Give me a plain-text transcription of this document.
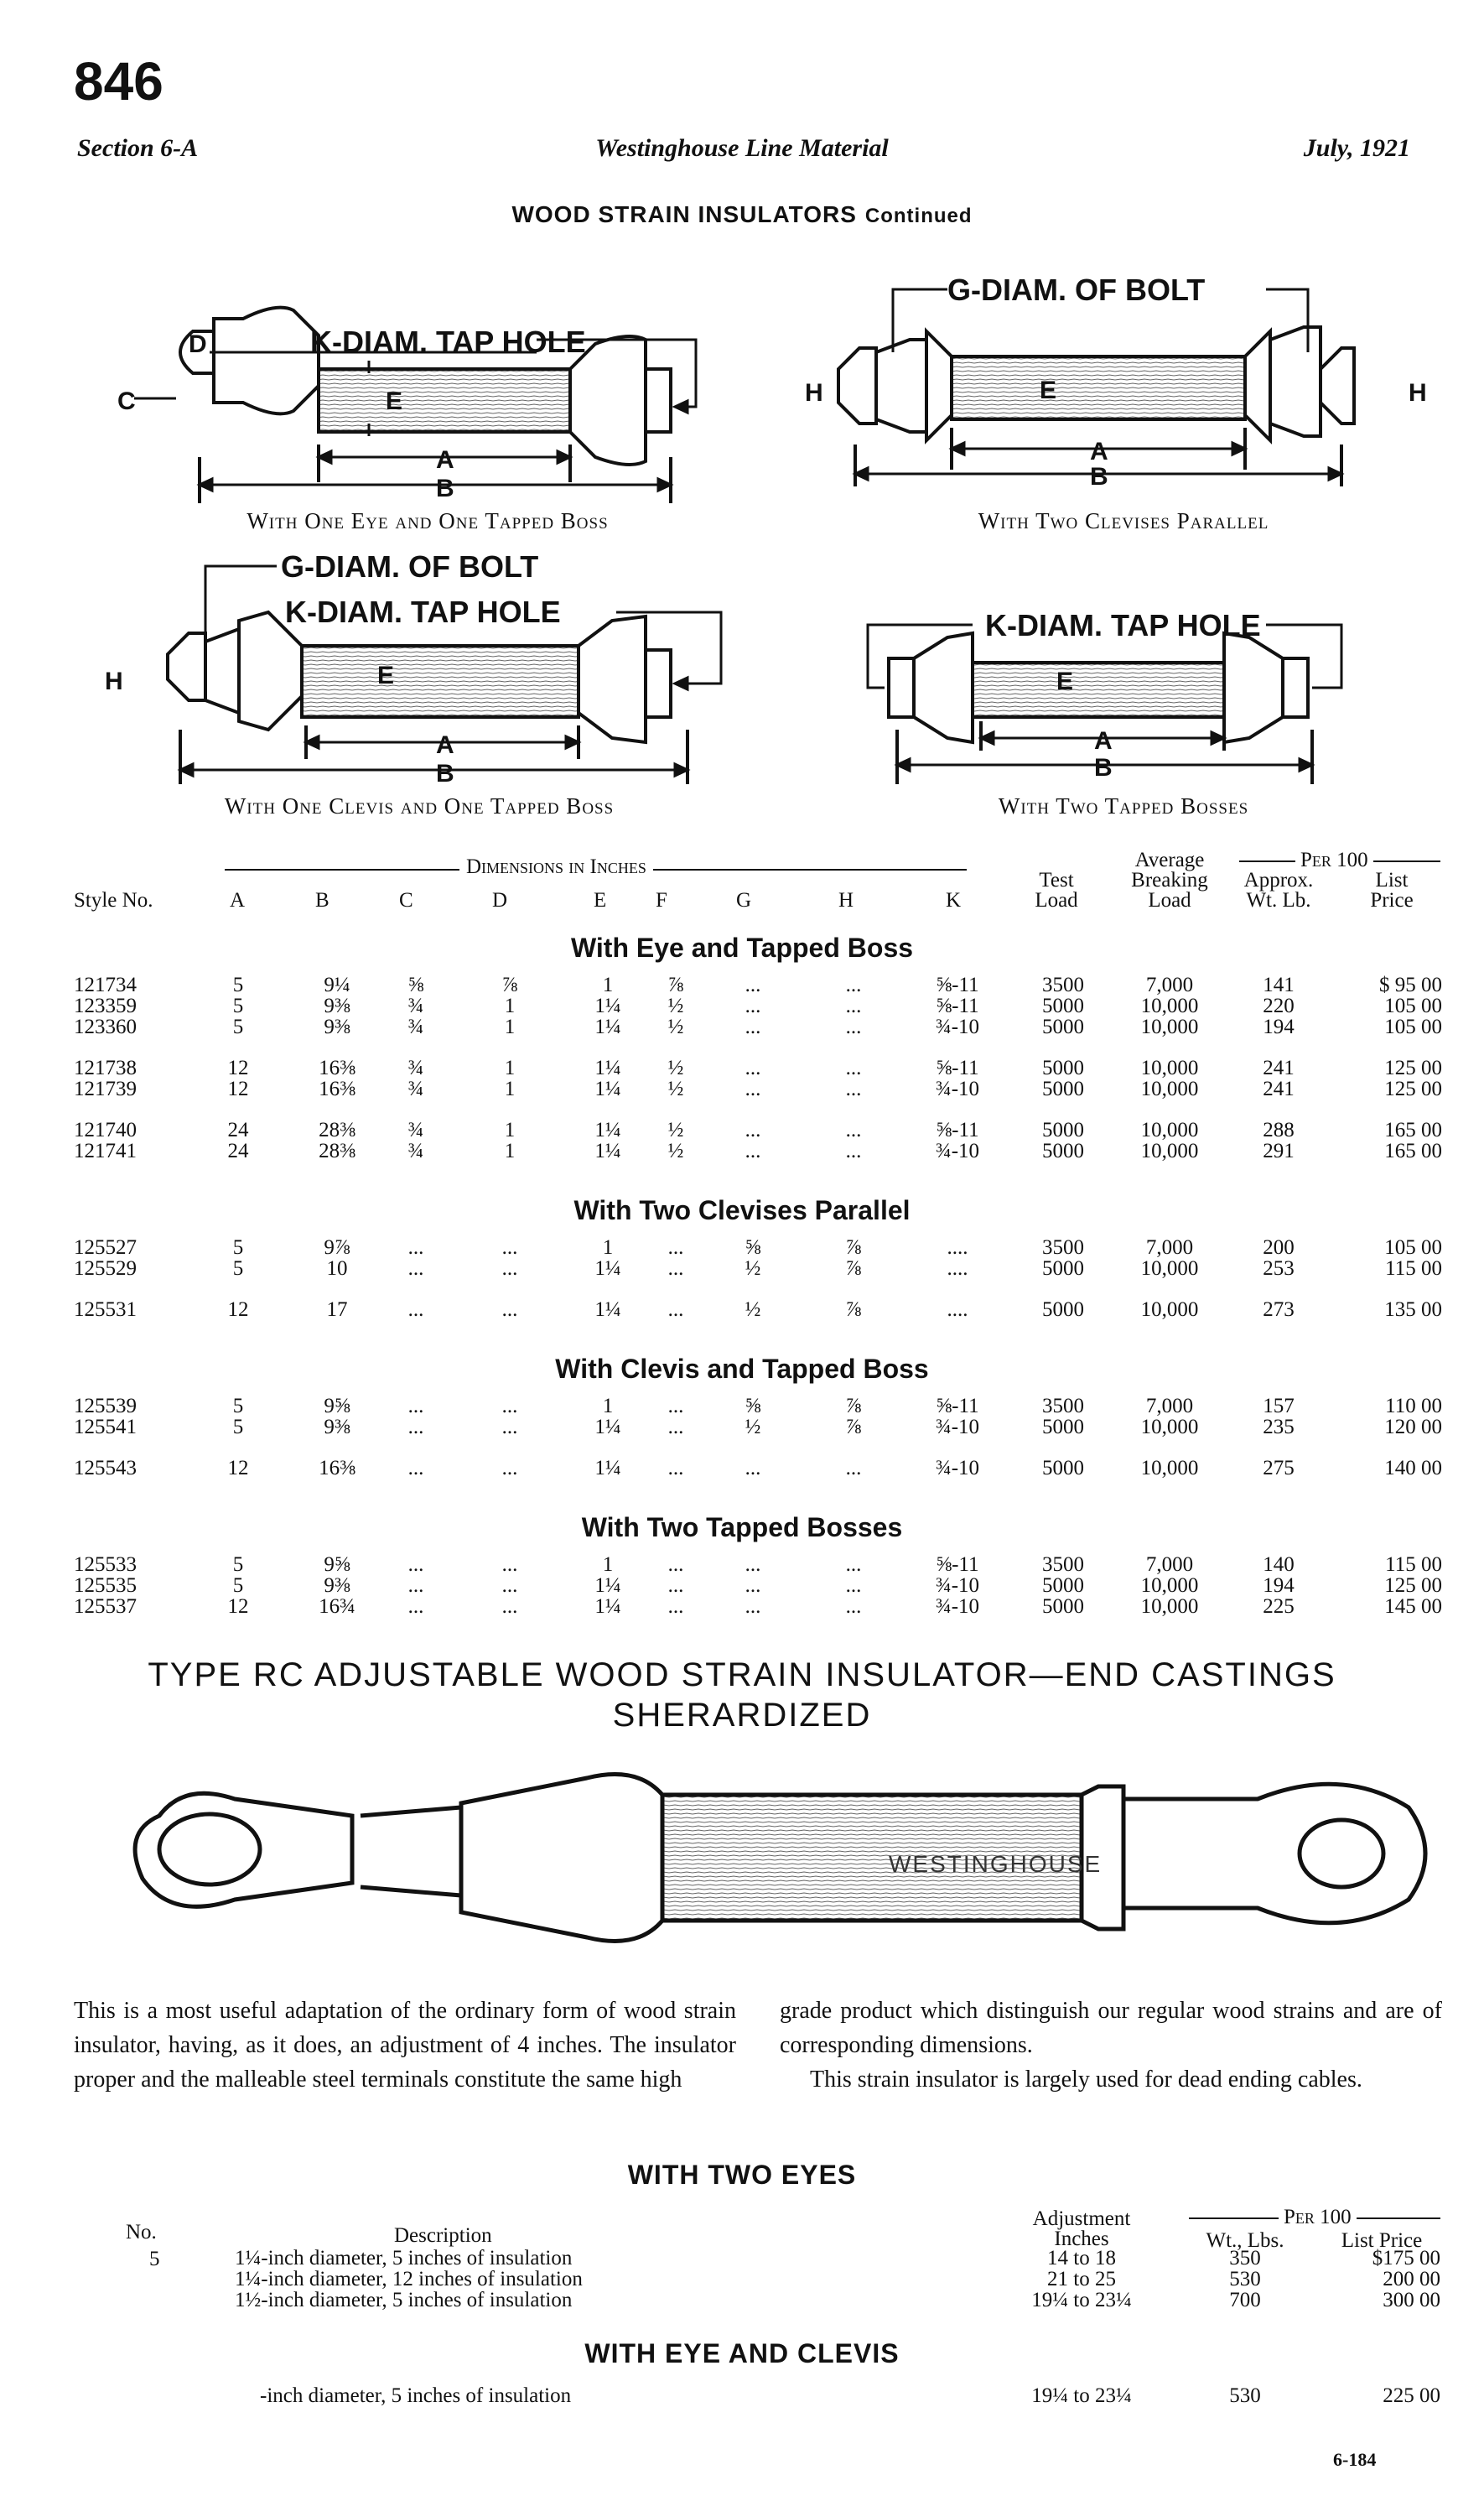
846
Section 6-A	Westinghouse Line Material	July, 1921
WOOD STRAIN INSULATORS Continued
K-DIAM. TAP HOLE
D
C	E
A
B
G-DIAM. OF BOLT
H	H
E
A
B
G-DIAM. OF BOLT
K-DIAM. TAP HOLE
H	E
A
B
K-DIAM. TAP HOLE
E
A
B
With One Eye and One Tapped Boss	With Two Clevises Parallel
With One Clevis and One Tapped Boss	With Two Tapped Bosses
Style No.
Dimensions in Inches
A	B	C	D	E F	G	H	K
Test
Load
Average
Breaking
Load
Per 100
Approx.
Wt. Lb.
List
Price
With Eye and Tapped Boss
121734	5	9¼	⅝	⅞	1	⅞	...	...	⅝-11	3500	7,000	141	$ 95 00
123359	5	9⅜	¾	1	1¼	½	...	...	⅝-11	5000	10,000	220	105 00
123360	5	9⅜	¾	1	1¼	½	...	...	¾-10	5000	10,000	194	105 00
121738	12	16⅜	¾	1	1¼	½	...	...	⅝-11	5000	10,000	241	125 00
121739	12	16⅜	¾	1	1¼	½	...	...	¾-10	5000	10,000	241	125 00
121740	24	28⅜	¾	1	1¼	½	...	...	⅝-11	5000	10,000	288	165 00
121741	24	28⅜	¾	1	1¼	½	...	...	¾-10	5000	10,000	291	165 00
With Two Clevises Parallel
125527	5	9⅞	...	...	1	...	⅝	⅞	....	3500	7,000	200	105 00
125529	5	10	...	...	1¼	...	½	⅞	....	5000	10,000	253	115 00
125531	12	17	...	...	1¼	...	½	⅞	....	5000	10,000	273	135 00
With Clevis and Tapped Boss
125539	5	9⅝	...	...	1	...	⅝	⅞	⅝-11	3500	7,000	157	110 00
125541	5	9⅜	...	...	1¼	...	½	⅞	¾-10	5000	10,000	235	120 00
125543	12	16⅜	...	...	1¼	...	...	...	¾-10	5000	10,000	275	140 00
With Two Tapped Bosses
125533	5	9⅝	...	...	1	...	...	...	⅝-11	3500	7,000	140	115 00
125535	5	9⅜	...	...	1¼	...	...	...	¾-10	5000	10,000	194	125 00
125537	12	16¾	...	...	1¼	...	...	...	¾-10	5000	10,000	225	145 00
TYPE RC ADJUSTABLE WOOD STRAIN INSULATOR—END CASTINGS
SHERARDIZED
WESTINGHOUSE
This is a most useful adaptation of the ordinary form of wood strain insulator, having, as it does, an adjustment of 4 inches. The insulator proper and the malleable steel terminals constitute the same high
grade product which distinguish our regular wood strains and are of corresponding dimensions.
This strain insulator is largely used for dead ending cables.
WITH TWO EYES
No.	Description
Adjustment
Inches
Per 100
Wt., Lbs.	List Price
5	1¼-inch diameter, 5 inches of insulation	14 to 18	350	$175 00
1¼-inch diameter, 12 inches of insulation	21 to 25	530	200 00
1½-inch diameter, 5 inches of insulation	19¼ to 23¼	700	300 00
WITH EYE AND CLEVIS
-inch diameter, 5 inches of insulation	19¼ to 23¼	530	225 00
6-184
